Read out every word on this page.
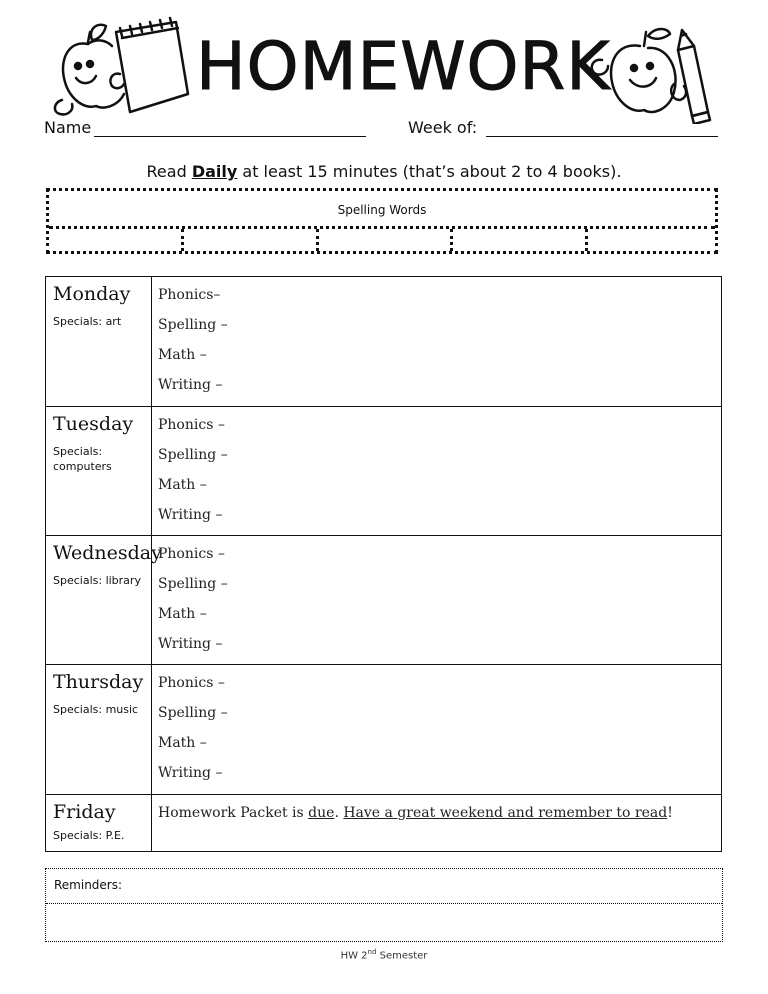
HOMEWORK
Name	Week of:
Read Daily at least 15 minutes (that’s about 2 to 4 books).
Spelling Words
Monday
Specials: art
Phonics–
Spelling –
Math –
Writing –
Tuesday
Specials: computers
Phonics –
Spelling –
Math –
Writing –
Wednesday
Specials: library
Phonics –
Spelling –
Math –
Writing –
Thursday
Specials: music
Phonics –
Spelling –
Math –
Writing –
Friday
Specials: P.E.
Homework Packet is due. Have a great weekend and remember to read!
Reminders:
HW 2nd Semester
